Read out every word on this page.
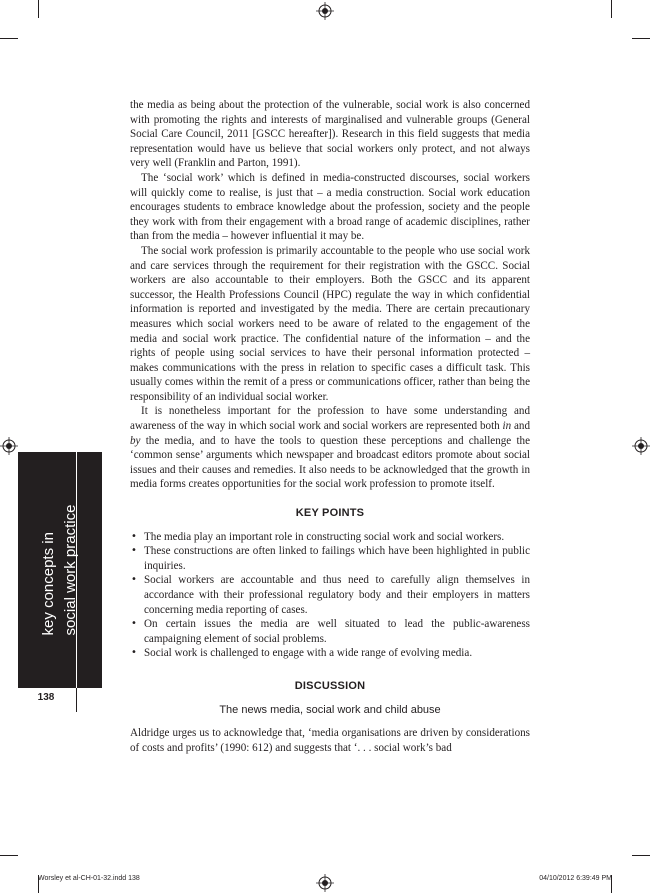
the media as being about the protection of the vulnerable, social work is also concerned with promoting the rights and interests of marginalised and vulnerable groups (General Social Care Council, 2011 [GSCC hereafter]). Research in this field suggests that media representation would have us believe that social workers only protect, and not always very well (Franklin and Parton, 1991).

The ‘social work’ which is defined in media-constructed discourses, social workers will quickly come to realise, is just that – a media construction. Social work education encourages students to embrace knowledge about the profession, society and the people they work with from their engagement with a broad range of academic disciplines, rather than from the media – however influential it may be.

The social work profession is primarily accountable to the people who use social work and care services through the requirement for their registration with the GSCC. Social workers are also accountable to their employers. Both the GSCC and its apparent successor, the Health Professions Council (HPC) regulate the way in which confidential information is reported and investigated by the media. There are certain precautionary measures which social workers need to be aware of related to the engagement of the media and social work practice. The confidential nature of the information – and the rights of people using social services to have their personal information protected – makes communications with the press in relation to specific cases a difficult task. This usually comes within the remit of a press or communications officer, rather than being the responsibility of an individual social worker.

It is nonetheless important for the profession to have some understanding and awareness of the way in which social work and social workers are represented both in and by the media, and to have the tools to question these perceptions and challenge the ‘common sense’ arguments which newspaper and broadcast editors promote about social issues and their causes and remedies. It also needs to be acknowledged that the growth in media forms creates opportunities for the social work profession to promote itself.

KEY POINTS
• The media play an important role in constructing social work and social workers.
• These constructions are often linked to failings which have been highlighted in public inquiries.
• Social workers are accountable and thus need to carefully align themselves in accordance with their professional regulatory body and their employers in matters concerning media reporting of cases.
• On certain issues the media are well situated to lead the public-awareness campaigning element of social problems.
• Social work is challenged to engage with a wide range of evolving media.
DISCUSSION
The news media, social work and child abuse

Aldridge urges us to acknowledge that, ‘media organisations are driven by considerations of costs and profits’ (1990: 612) and suggests that ‘. . . social work’s bad

key concepts in social work practice
138
Worsley et al-CH-01-32.indd 138	04/10/2012 6:39:49 PM
